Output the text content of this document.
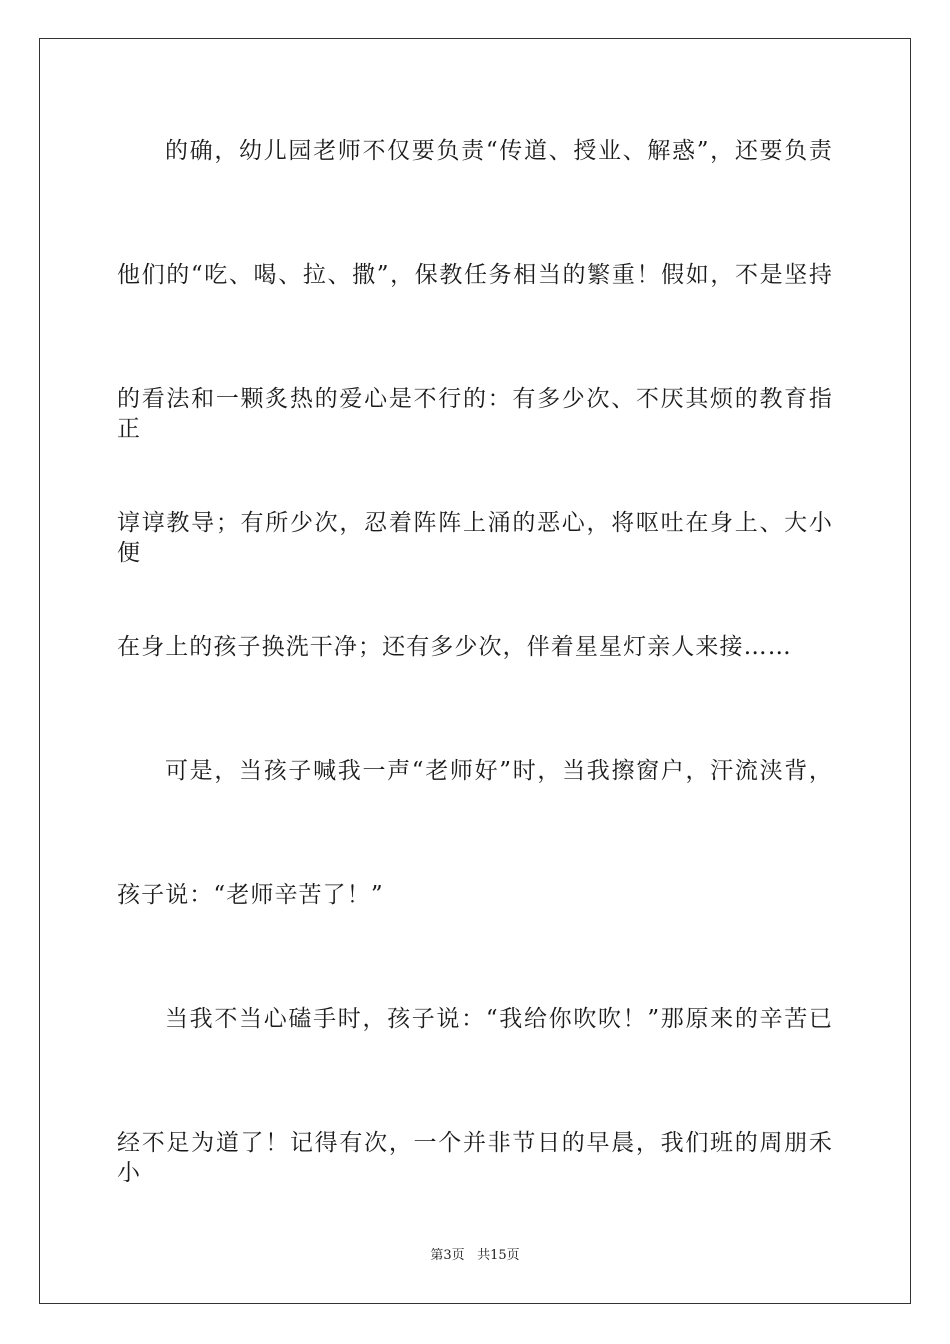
的确，幼儿园老师不仅要负责“传道、授业、解惑”，还要负责
他们的“吃、喝、拉、撒”，保教任务相当的繁重！假如，不是坚持
的看法和一颗炙热的爱心是不行的：有多少次、不厌其烦的教育指正
谆谆教导；有所少次，忍着阵阵上涌的恶心，将呕吐在身上、大小便
在身上的孩子换洗干净；还有多少次，伴着星星灯亲人来接……
可是，当孩子喊我一声“老师好”时，当我擦窗户，汗流浃背，
孩子说：“老师辛苦了！”
当我不当心磕手时，孩子说：“我给你吹吹！”那原来的辛苦已
经不足为道了！记得有次，一个并非节日的早晨，我们班的周朋禾小
第3页 共15页
